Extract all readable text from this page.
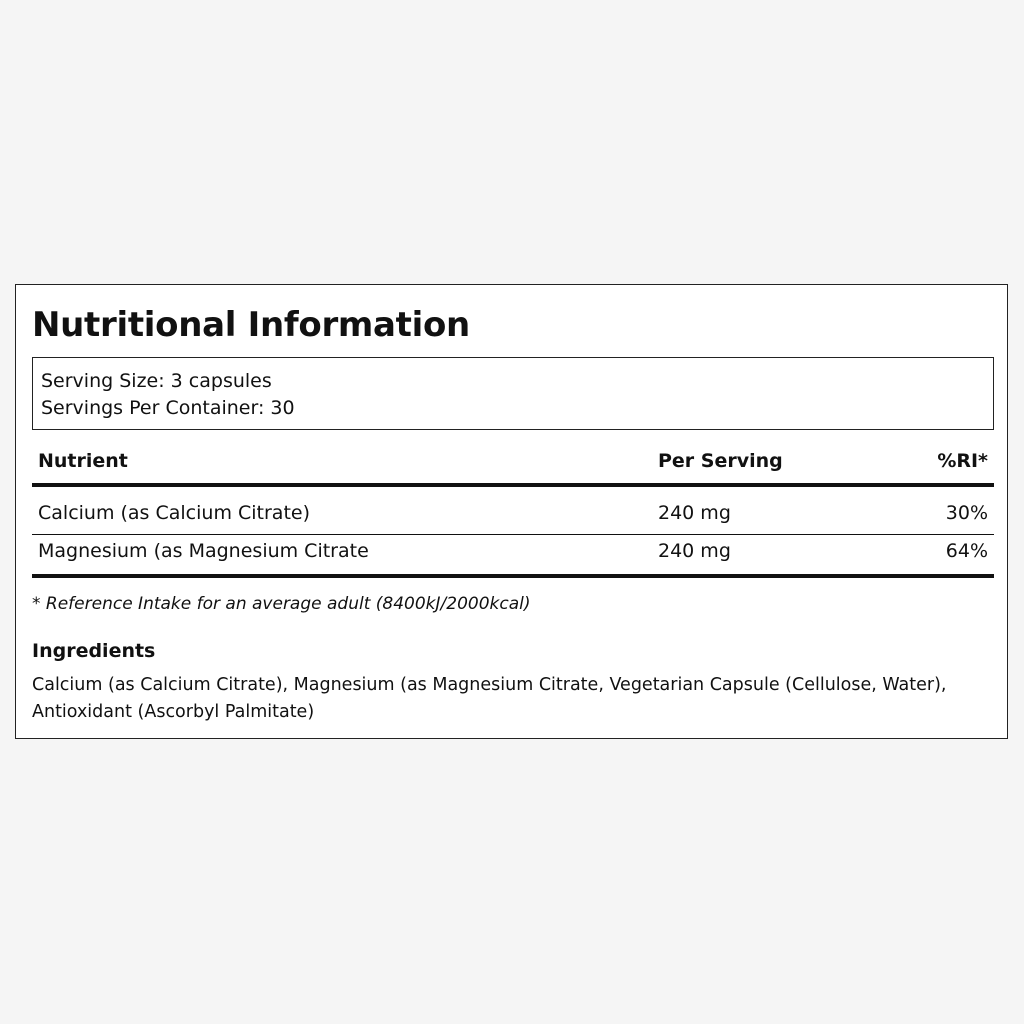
Nutritional Information
Serving Size: 3 capsules
Servings Per Container: 30
Nutrient	Per Serving	%RI*
Calcium (as Calcium Citrate)	240 mg	30%
Magnesium (as Magnesium Citrate	240 mg	64%
* Reference Intake for an average adult (8400kJ/2000kcal)
Ingredients

Calcium (as Calcium Citrate), Magnesium (as Magnesium Citrate, Vegetarian Capsule (Cellulose, Water), Antioxidant (Ascorbyl Palmitate)
